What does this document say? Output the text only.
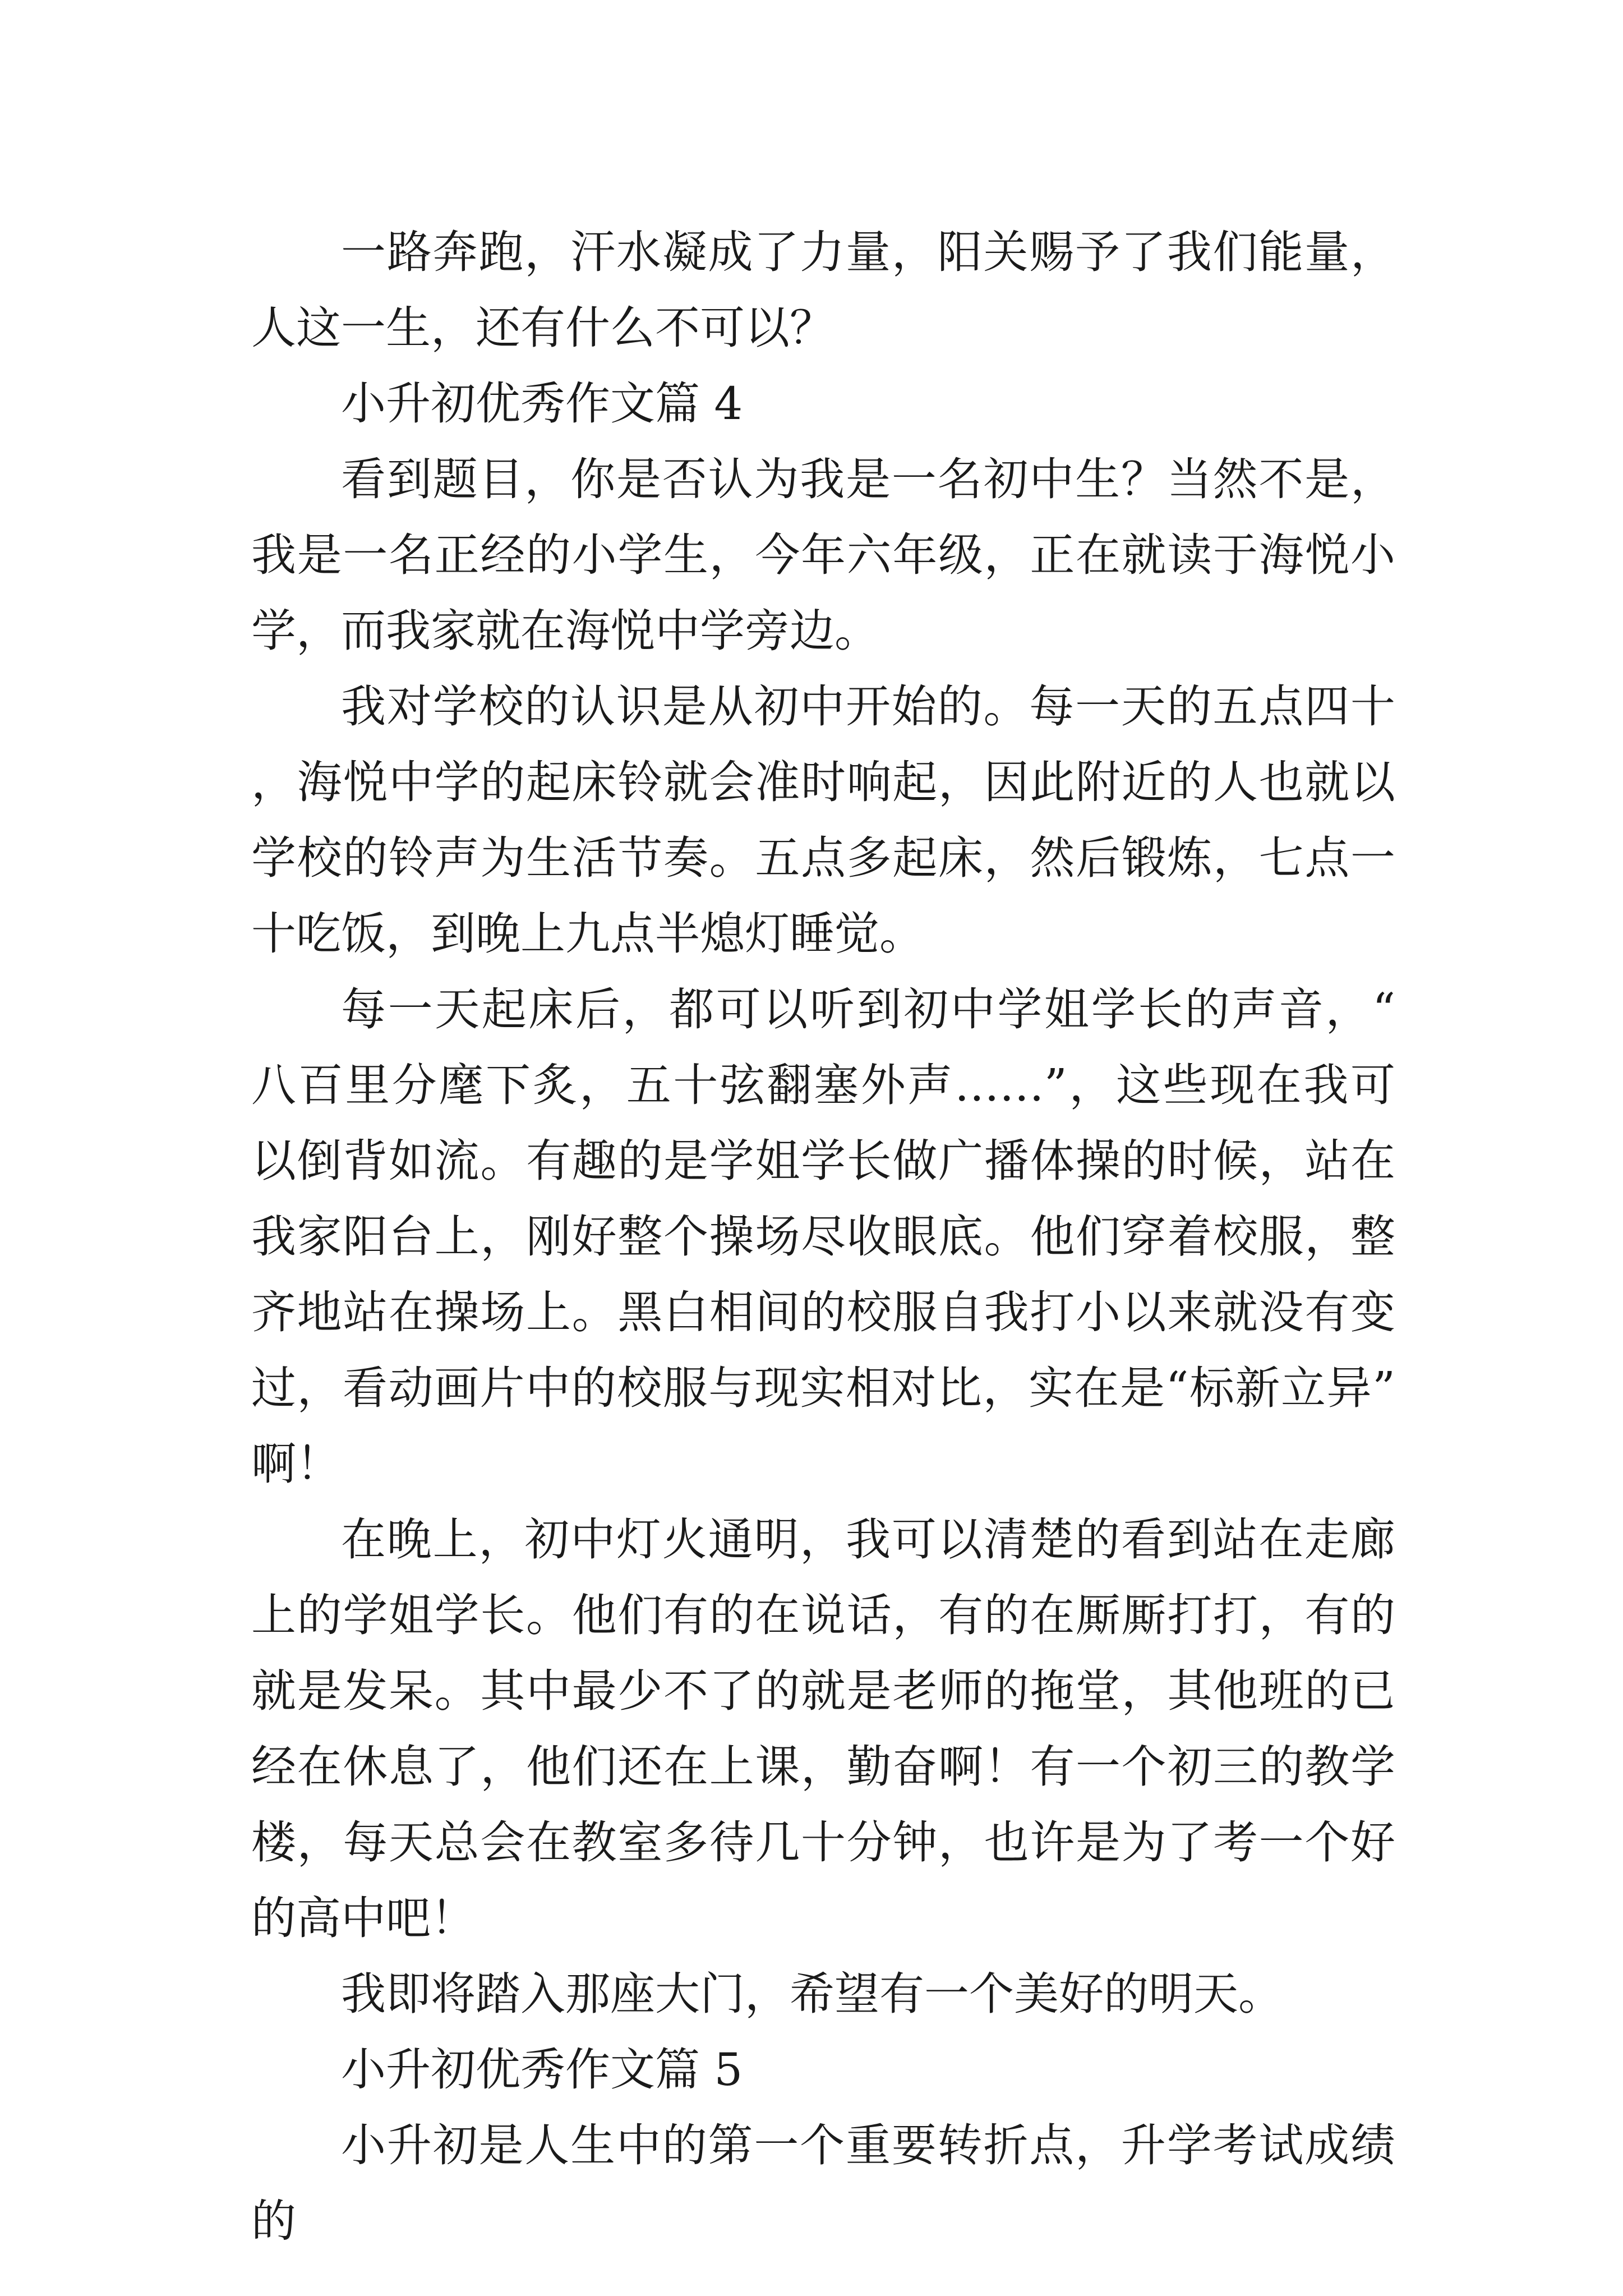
一路奔跑，汗水凝成了力量，阳关赐予了我们能量，人这一生，还有什么不可以？

小升初优秀作文篇 4

看到题目，你是否认为我是一名初中生？当然不是，我是一名正经的小学生，今年六年级，正在就读于海悦小学，而我家就在海悦中学旁边。

我对学校的认识是从初中开始的。每一天的五点四十，海悦中学的起床铃就会准时响起，因此附近的人也就以学校的铃声为生活节奏。五点多起床，然后锻炼，七点一十吃饭，到晚上九点半熄灯睡觉。

每一天起床后，都可以听到初中学姐学长的声音，“八百里分麾下炙，五十弦翻塞外声……”，这些现在我可以倒背如流。有趣的是学姐学长做广播体操的时候，站在我家阳台上，刚好整个操场尽收眼底。他们穿着校服，整齐地站在操场上。黑白相间的校服自我打小以来就没有变过，看动画片中的校服与现实相对比，实在是“标新立异”啊！

在晚上，初中灯火通明，我可以清楚的看到站在走廊上的学姐学长。他们有的在说话，有的在厮厮打打，有的就是发呆。其中最少不了的就是老师的拖堂，其他班的已经在休息了，他们还在上课，勤奋啊！有一个初三的教学楼，每天总会在教室多待几十分钟，也许是为了考一个好的高中吧！

我即将踏入那座大门，希望有一个美好的明天。

小升初优秀作文篇 5

小升初是人生中的第一个重要转折点，升学考试成绩的
